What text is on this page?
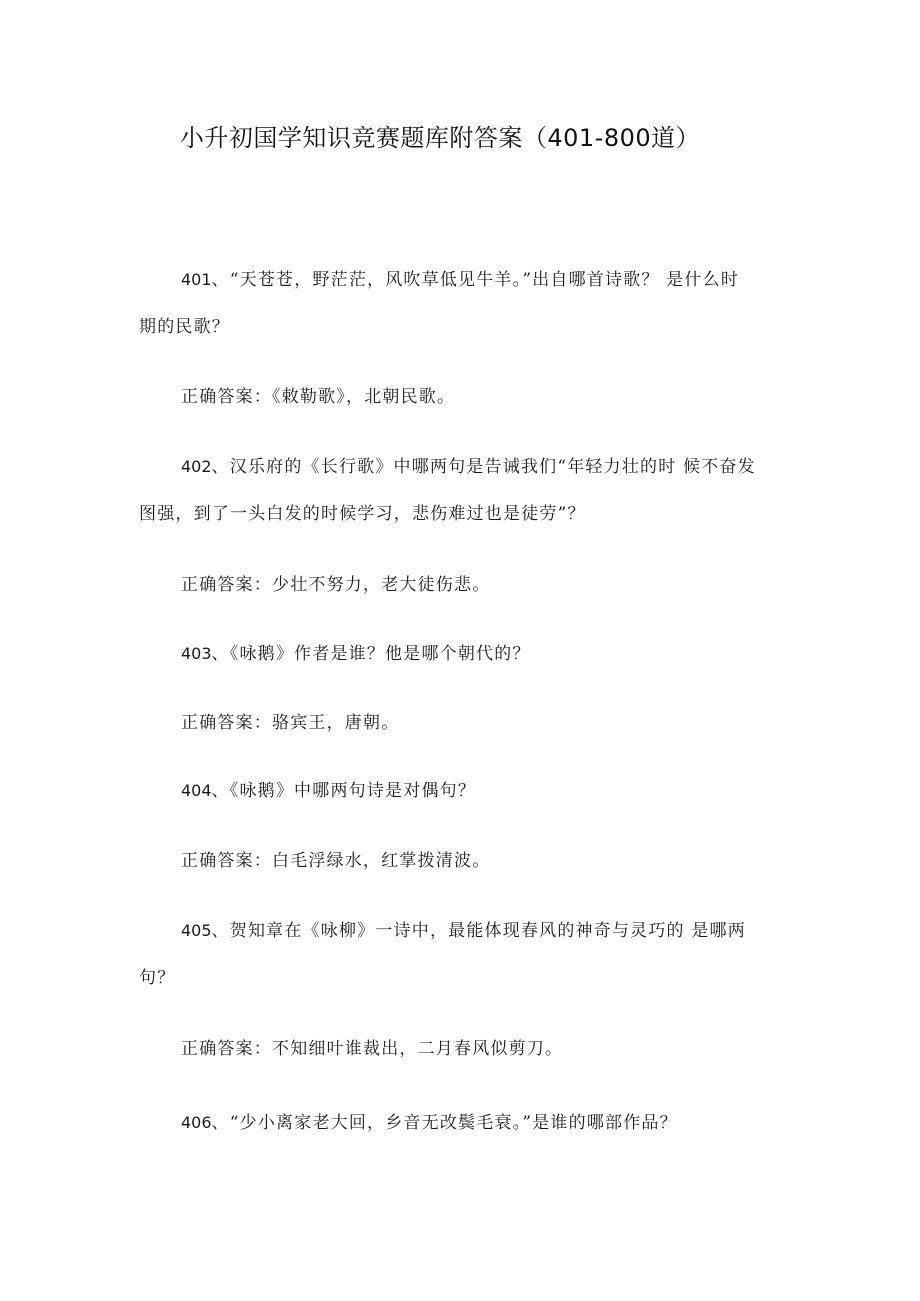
小升初国学知识竞赛题库附答案（401-800道）

401、“天苍苍，野茫茫，风吹草低见牛羊。”出自哪首诗歌？ 是什么时
期的民歌？

正确答案：《敕勒歌》，北朝民歌。

402、汉乐府的《长行歌》中哪两句是告诫我们“年轻力壮的时 候不奋发
图强，到了一头白发的时候学习，悲伤难过也是徒劳”？

正确答案：少壮不努力，老大徒伤悲。

403、《咏鹅》作者是谁？他是哪个朝代的？

正确答案：骆宾王，唐朝。

404、《咏鹅》中哪两句诗是对偶句？

正确答案：白毛浮绿水，红掌拨清波。

405、贺知章在《咏柳》一诗中，最能体现春风的神奇与灵巧的 是哪两
句？

正确答案：不知细叶谁裁出，二月春风似剪刀。

406、“少小离家老大回，乡音无改鬓毛衰。”是谁的哪部作品？
